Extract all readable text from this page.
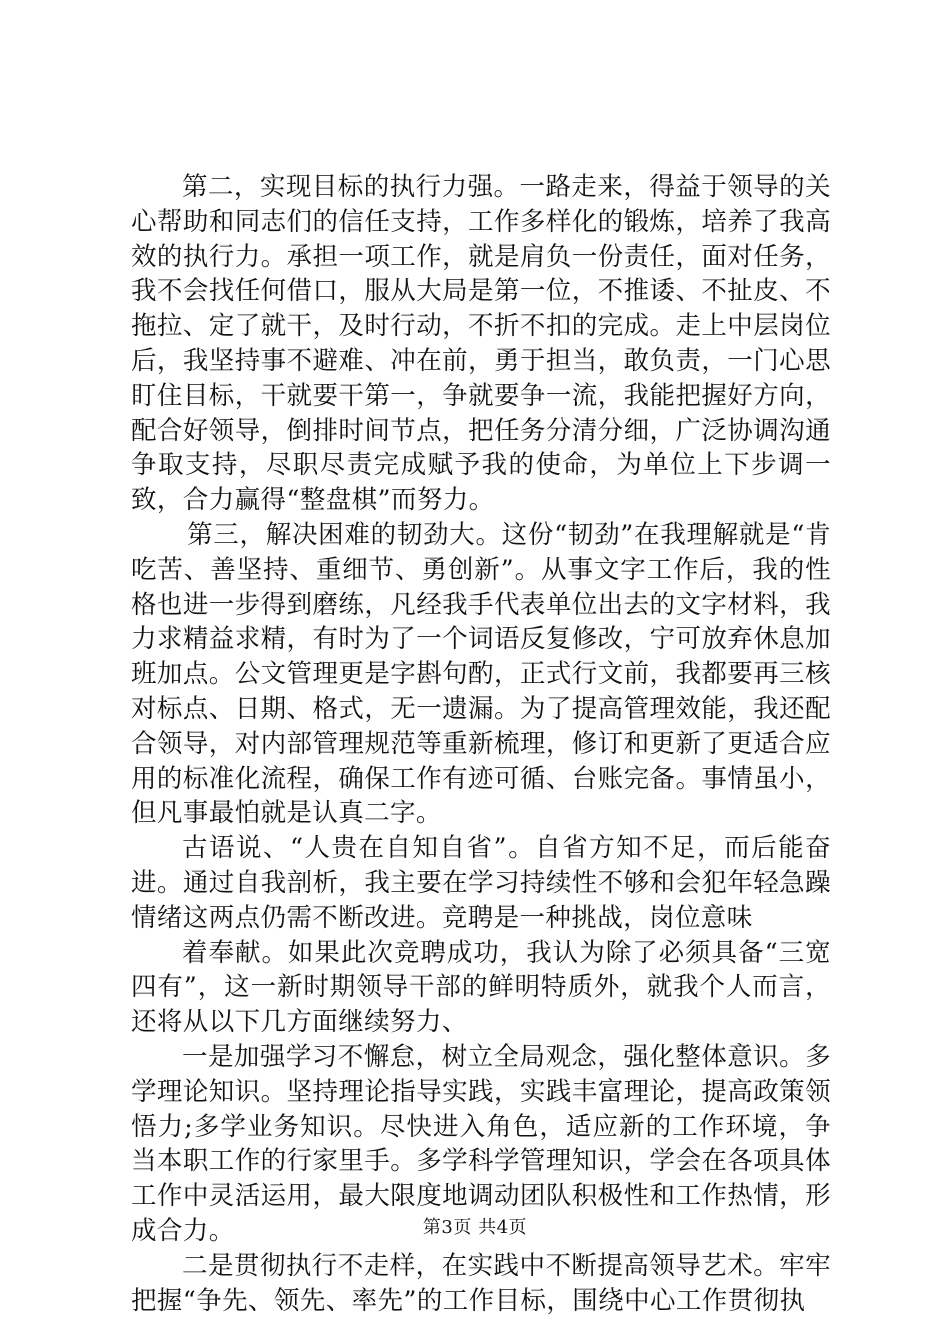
第二，实现目标的执行力强。一路走来，得益于领导的关心帮助和同志们的信任支持，工作多样化的锻炼，培养了我高效的执行力。承担一项工作，就是肩负一份责任，面对任务，我不会找任何借口，服从大局是第一位，不推诿、不扯皮、不拖拉、定了就干，及时行动，不折不扣的完成。走上中层岗位后，我坚持事不避难、冲在前，勇于担当，敢负责，一门心思盯住目标，干就要干第一，争就要争一流，我能把握好方向，配合好领导，倒排时间节点，把任务分清分细，广泛协调沟通争取支持，尽职尽责完成赋予我的使命，为单位上下步调一致，合力赢得“整盘棋”而努力。

第三，解决困难的韧劲大。这份“韧劲”在我理解就是“肯吃苦、善坚持、重细节、勇创新”。从事文字工作后，我的性格也进一步得到磨练，凡经我手代表单位出去的文字材料，我力求精益求精，有时为了一个词语反复修改，宁可放弃休息加班加点。公文管理更是字斟句酌，正式行文前，我都要再三核对标点、日期、格式，无一遗漏。为了提高管理效能，我还配合领导，对内部管理规范等重新梳理，修订和更新了更适合应用的标准化流程，确保工作有迹可循、台账完备。事情虽小，但凡事最怕就是认真二字。

古语说、“人贵在自知自省”。自省方知不足，而后能奋进。通过自我剖析，我主要在学习持续性不够和会犯年轻急躁情绪这两点仍需不断改进。竞聘是一种挑战，岗位意味

着奉献。如果此次竞聘成功，我认为除了必须具备“三宽四有”，这一新时期领导干部的鲜明特质外，就我个人而言，还将从以下几方面继续努力、

一是加强学习不懈怠，树立全局观念，强化整体意识。多学理论知识。坚持理论指导实践，实践丰富理论，提高政策领悟力;多学业务知识。尽快进入角色，适应新的工作环境，争当本职工作的行家里手。多学科学管理知识，学会在各项具体工作中灵活运用，最大限度地调动团队积极性和工作热情，形成合力。

二是贯彻执行不走样，在实践中不断提高领导艺术。牢牢把握“争先、领先、率先”的工作目标，围绕中心工作贯彻执

第3页 共4页
